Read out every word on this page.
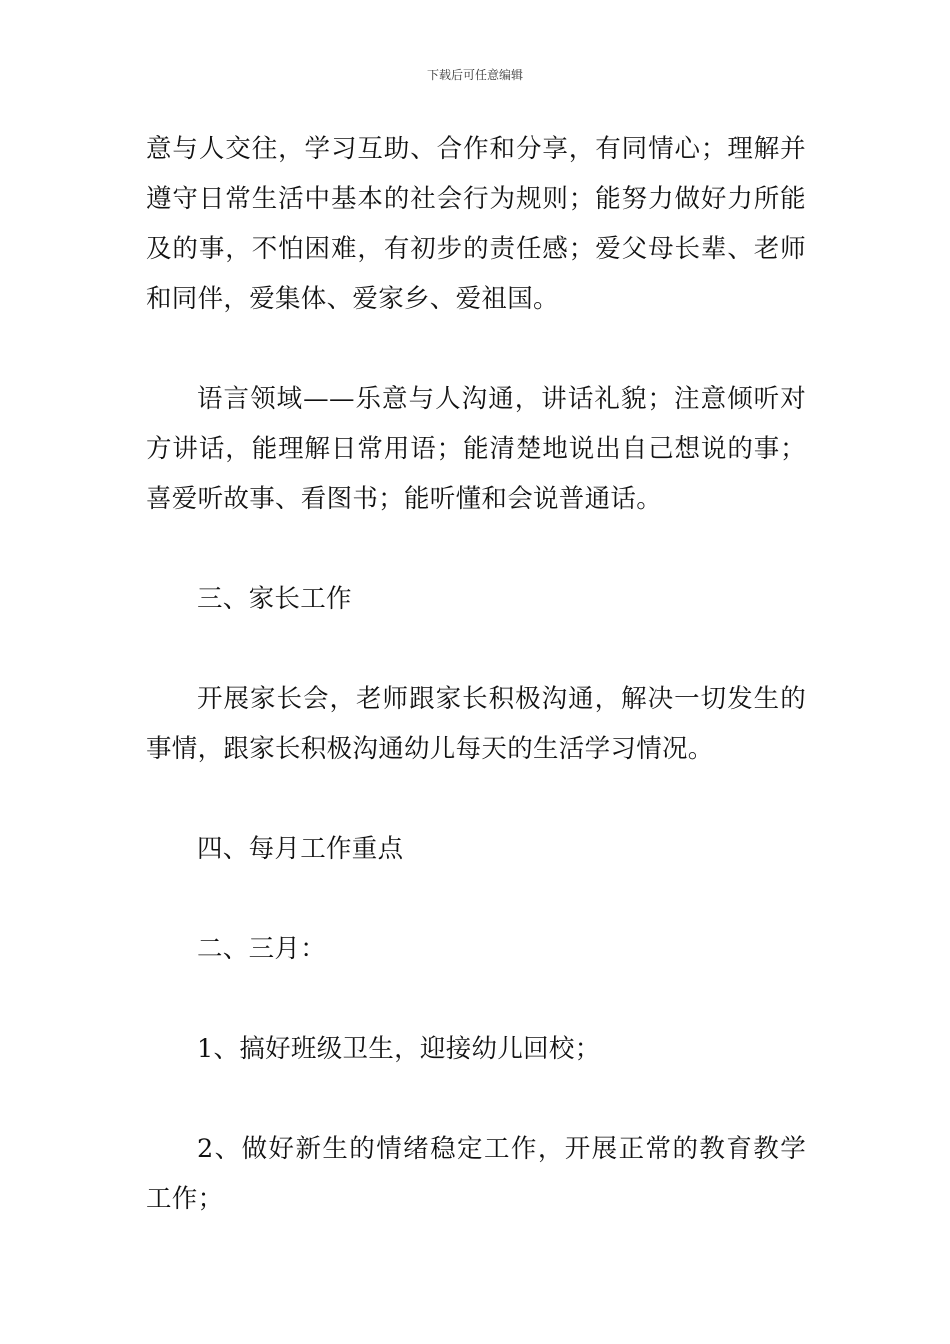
下载后可任意编辑

意与人交往，学习互助、合作和分享，有同情心；理解并遵守日常生活中基本的社会行为规则；能努力做好力所能及的事，不怕困难，有初步的责任感；爱父母长辈、老师和同伴，爱集体、爱家乡、爱祖国。

语言领域——乐意与人沟通，讲话礼貌；注意倾听对方讲话，能理解日常用语；能清楚地说出自己想说的事；喜爱听故事、看图书；能听懂和会说普通话。

三、家长工作

开展家长会，老师跟家长积极沟通，解决一切发生的事情，跟家长积极沟通幼儿每天的生活学习情况。

四、每月工作重点

二、三月：

1、搞好班级卫生，迎接幼儿回校；

2、做好新生的情绪稳定工作，开展正常的教育教学工作；
